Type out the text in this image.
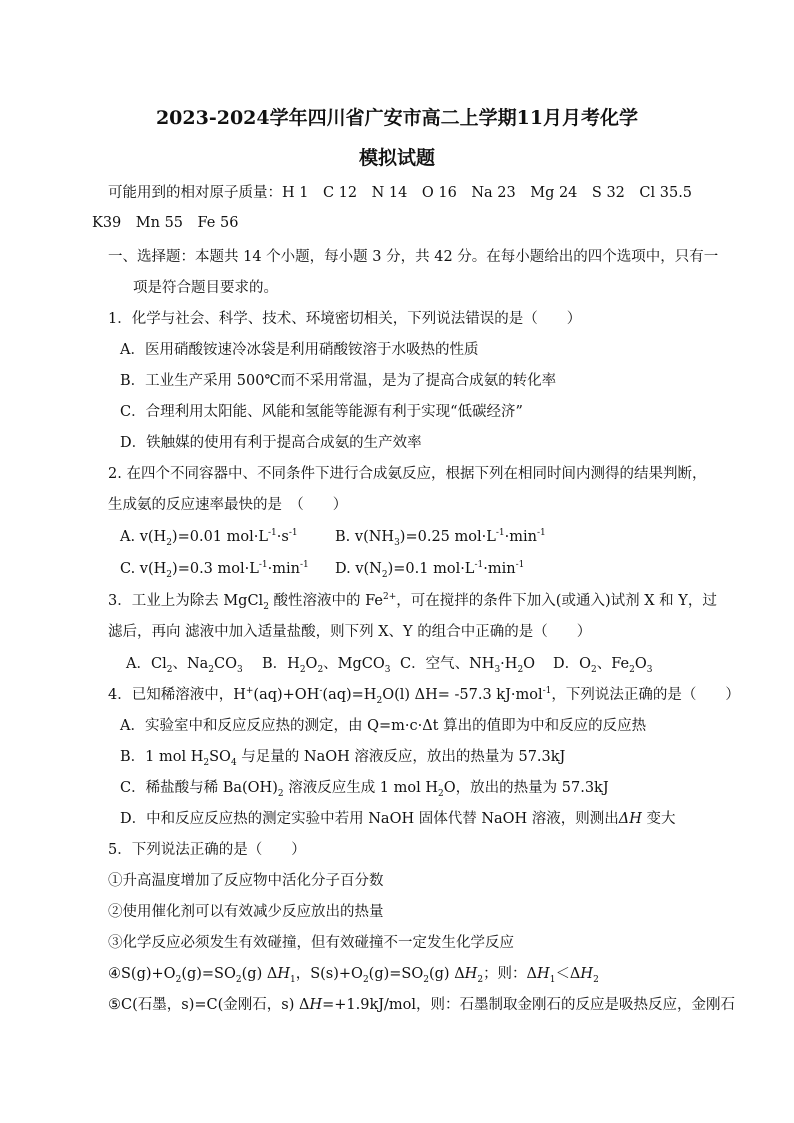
2023-2024学年四川省广安市高二上学期11月月考化学
模拟试题
可能用到的相对原子质量：H 1　C 12　N 14　O 16　Na 23　Mg 24　S 32　Cl 35.5
K39　Mn 55　Fe 56
一、选择题：本题共 14 个小题，每小题 3 分，共 42 分。在每小题给出的四个选项中，只有一
项是符合题目要求的。
1．化学与社会、科学、技术、环境密切相关，下列说法错误的是（　　）
A．医用硝酸铵速冷冰袋是利用硝酸铵溶于水吸热的性质
B．工业生产采用 500℃而不采用常温，是为了提高合成氨的转化率
C．合理利用太阳能、风能和氢能等能源有利于实现“低碳经济”
D．铁触媒的使用有利于提高合成氨的生产效率
2. 在四个不同容器中、不同条件下进行合成氨反应，根据下列在相同时间内测得的结果判断，
生成氨的反应速率最快的是　（　　）
A. $v(H_2)=0.01$ $mol\cdot L^{-1}\cdot s^{-1}$	B. $v(NH_3)=0.25$ $mol\cdot L^{-1}\cdot\min^{-1}$
C. $v(H_2)=0.3$ $mol\cdot L^{-1}\cdot\min^{-1}$ D. $v(N_2)=0.1$ $mol\cdot L^{-1}\cdot\min^{-1}$
3．工业上为除去 MgCl$_2$ 酸性溶液中的 $Fe^{2+}$，可在搅拌的条件下加入(或通入)试剂 X 和 Y，过
滤后，再向 滤液中加入适量盐酸，则下列 X、Y 的组合中正确的是（　　）
A．$Cl_2$、$Na_2CO_3$ B．$H_2O_2$、MgCO$_3$ C．空气、$NH_3\cdot H_2O$ D．$O_2$、$Fe_2O_3$
4．已知稀溶液中，$H^+(aq)+OH^-(aq)=H_2O(l)$ ΔH= -57.3 kJ·mol$^{-1}$，下列说法正确的是（　　）
A．实验室中和反应反应热的测定，由 Q=m·c·Δt 算出的值即为中和反应的反应热
B．1 mol $H_2SO_4$ 与足量的 NaOH 溶液反应，放出的热量为 57.3kJ
C．稀盐酸与稀 $Ba(OH)_2$ 溶液反应生成 1 mol $H_2O$，放出的热量为 57.3kJ
D．中和反应反应热的测定实验中若用 NaOH 固体代替 NaOH 溶液，则测出ΔH 变大
5．下列说法正确的是（　　）
①升高温度增加了反应物中活化分子百分数
②使用催化剂可以有效减少反应放出的热量
③化学反应必须发生有效碰撞，但有效碰撞不一定发生化学反应
$④S(g)+O_2(g)=SO_2(g)$ $\Delta H_1$，$S(s)+O_2(g)=SO_2(g)$ $\Delta H_2$；则：$\Delta H_1<\Delta H_2$
⑤C(石墨，s)=C(金刚石，s) ΔH=+1.9kJ/mol，则：石墨制取金刚石的反应是吸热反应，金刚石
